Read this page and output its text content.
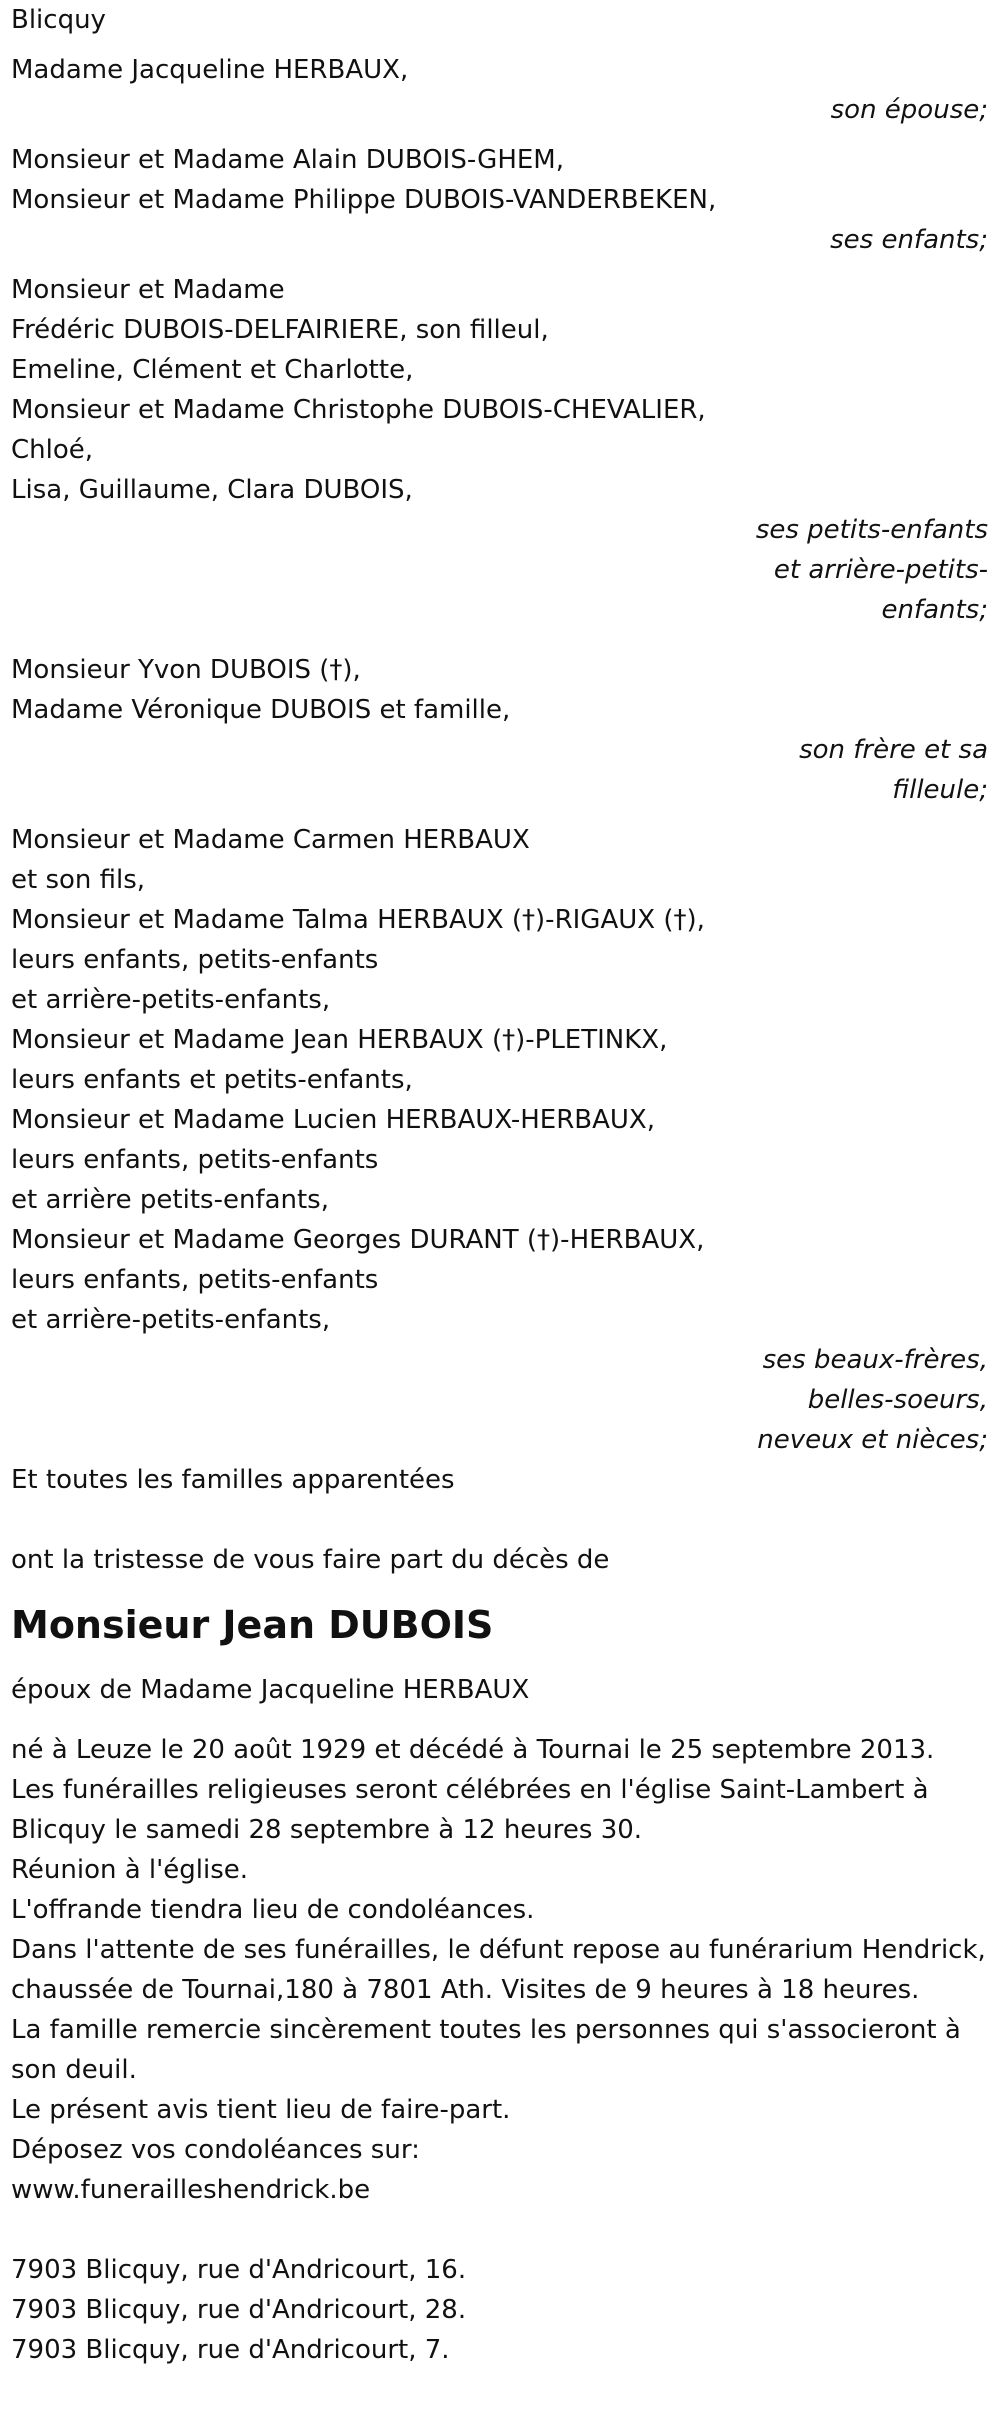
Blicquy
Madame Jacqueline HERBAUX,
son épouse;
Monsieur et Madame Alain DUBOIS-GHEM,
Monsieur et Madame Philippe DUBOIS-VANDERBEKEN,
ses enfants;
Monsieur et Madame
Frédéric DUBOIS-DELFAIRIERE, son filleul,
Emeline, Clément et Charlotte,
Monsieur et Madame Christophe DUBOIS-CHEVALIER,
Chloé,
Lisa, Guillaume, Clara DUBOIS,
ses petits-enfants
et arrière-petits-
enfants;
Monsieur Yvon DUBOIS (†),
Madame Véronique DUBOIS et famille,
son frère et sa
filleule;
Monsieur et Madame Carmen HERBAUX
et son fils,
Monsieur et Madame Talma HERBAUX (†)-RIGAUX (†),
leurs enfants, petits-enfants
et arrière-petits-enfants,
Monsieur et Madame Jean HERBAUX (†)-PLETINKX,
leurs enfants et petits-enfants,
Monsieur et Madame Lucien HERBAUX-HERBAUX,
leurs enfants, petits-enfants
et arrière petits-enfants,
Monsieur et Madame Georges DURANT (†)-HERBAUX,
leurs enfants, petits-enfants
et arrière-petits-enfants,
ses beaux-frères,
belles-soeurs,
neveux et nièces;
Et toutes les familles apparentées
ont la tristesse de vous faire part du décès de
Monsieur Jean DUBOIS
époux de Madame Jacqueline HERBAUX
né à Leuze le 20 août 1929 et décédé à Tournai le 25 septembre 2013.
Les funérailles religieuses seront célébrées en l'église Saint-Lambert à Blicquy le samedi 28 septembre à 12 heures 30.
Réunion à l'église.
L'offrande tiendra lieu de condoléances.
Dans l'attente de ses funérailles, le défunt repose au funérarium Hendrick, chaussée de Tournai,180 à 7801 Ath. Visites de 9 heures à 18 heures.
La famille remercie sincèrement toutes les personnes qui s'associeront à son deuil.
Le présent avis tient lieu de faire-part.
Déposez vos condoléances sur:
www.funerailleshendrick.be
7903 Blicquy, rue d'Andricourt, 16.
7903 Blicquy, rue d'Andricourt, 28.
7903 Blicquy, rue d'Andricourt, 7.
